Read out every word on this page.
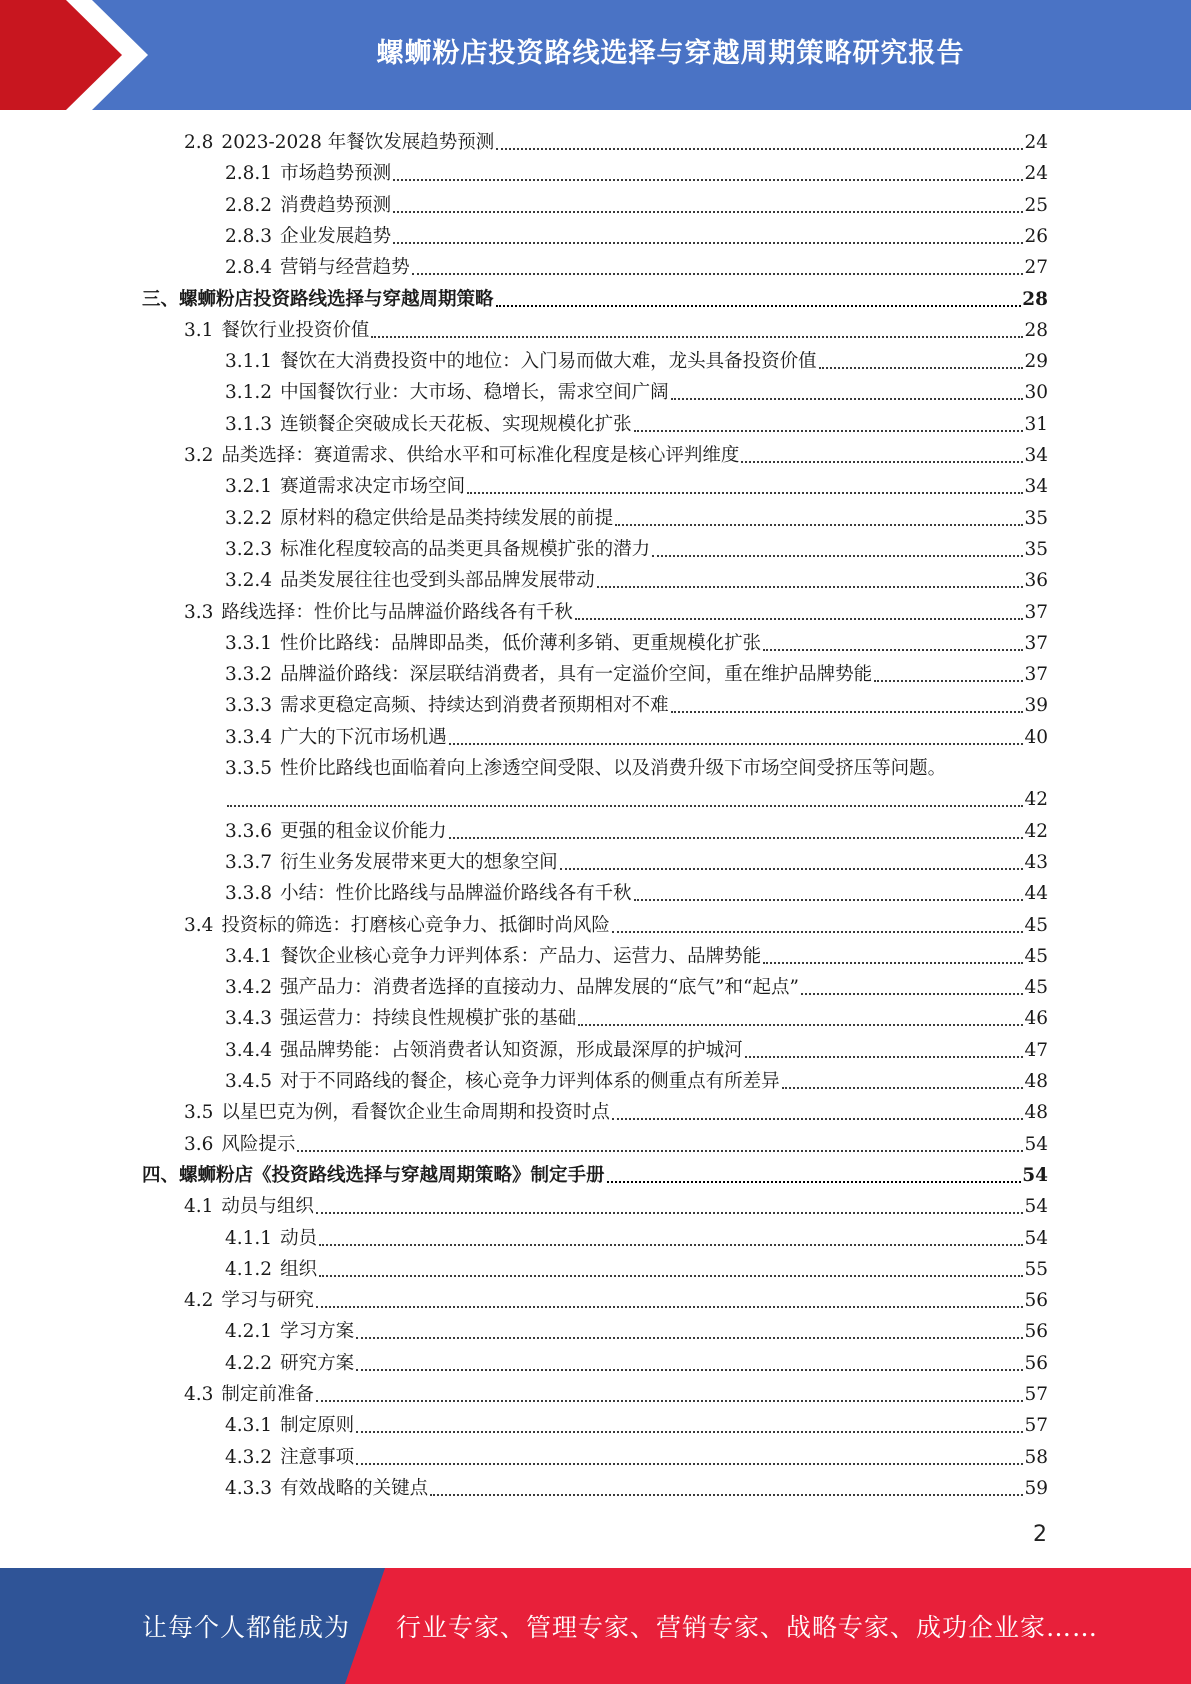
螺蛳粉店投资路线选择与穿越周期策略研究报告
2.8 2023-2028 年餐饮发展趋势预测	24
2.8.1 市场趋势预测	24
2.8.2 消费趋势预测	25
2.8.3 企业发展趋势	26
2.8.4 营销与经营趋势	27
三、螺蛳粉店投资路线选择与穿越周期策略	28
3.1 餐饮行业投资价值	28
3.1.1 餐饮在大消费投资中的地位：入门易而做大难，龙头具备投资价值	29
3.1.2 中国餐饮行业：大市场、稳增长，需求空间广阔	30
3.1.3 连锁餐企突破成长天花板、实现规模化扩张	31
3.2 品类选择：赛道需求、供给水平和可标准化程度是核心评判维度	34
3.2.1 赛道需求决定市场空间	34
3.2.2 原材料的稳定供给是品类持续发展的前提	35
3.2.3 标准化程度较高的品类更具备规模扩张的潜力	35
3.2.4 品类发展往往也受到头部品牌发展带动	36
3.3 路线选择：性价比与品牌溢价路线各有千秋	37
3.3.1 性价比路线：品牌即品类，低价薄利多销、更重规模化扩张	37
3.3.2 品牌溢价路线：深层联结消费者，具有一定溢价空间，重在维护品牌势能	37
3.3.3 需求更稳定高频、持续达到消费者预期相对不难	39
3.3.4 广大的下沉市场机遇	40
3.3.5 性价比路线也面临着向上渗透空间受限、以及消费升级下市场空间受挤压等问题。
42
3.3.6 更强的租金议价能力	42
3.3.7 衍生业务发展带来更大的想象空间	43
3.3.8 小结：性价比路线与品牌溢价路线各有千秋	44
3.4 投资标的筛选：打磨核心竞争力、抵御时尚风险	45
3.4.1 餐饮企业核心竞争力评判体系：产品力、运营力、品牌势能	45
3.4.2 强产品力：消费者选择的直接动力、品牌发展的“底气”和“起点”	45
3.4.3 强运营力：持续良性规模扩张的基础	46
3.4.4 强品牌势能：占领消费者认知资源，形成最深厚的护城河	47
3.4.5 对于不同路线的餐企，核心竞争力评判体系的侧重点有所差异	48
3.5 以星巴克为例，看餐饮企业生命周期和投资时点	48
3.6 风险提示	54
四、螺蛳粉店《投资路线选择与穿越周期策略》制定手册	54
4.1 动员与组织	54
4.1.1 动员	54
4.1.2 组织	55
4.2 学习与研究	56
4.2.1 学习方案	56
4.2.2 研究方案	56
4.3 制定前准备	57
4.3.1 制定原则	57
4.3.2 注意事项	58
4.3.3 有效战略的关键点	59
2
让每个人都能成为 行业专家、管理专家、营销专家、战略专家、成功企业家……
